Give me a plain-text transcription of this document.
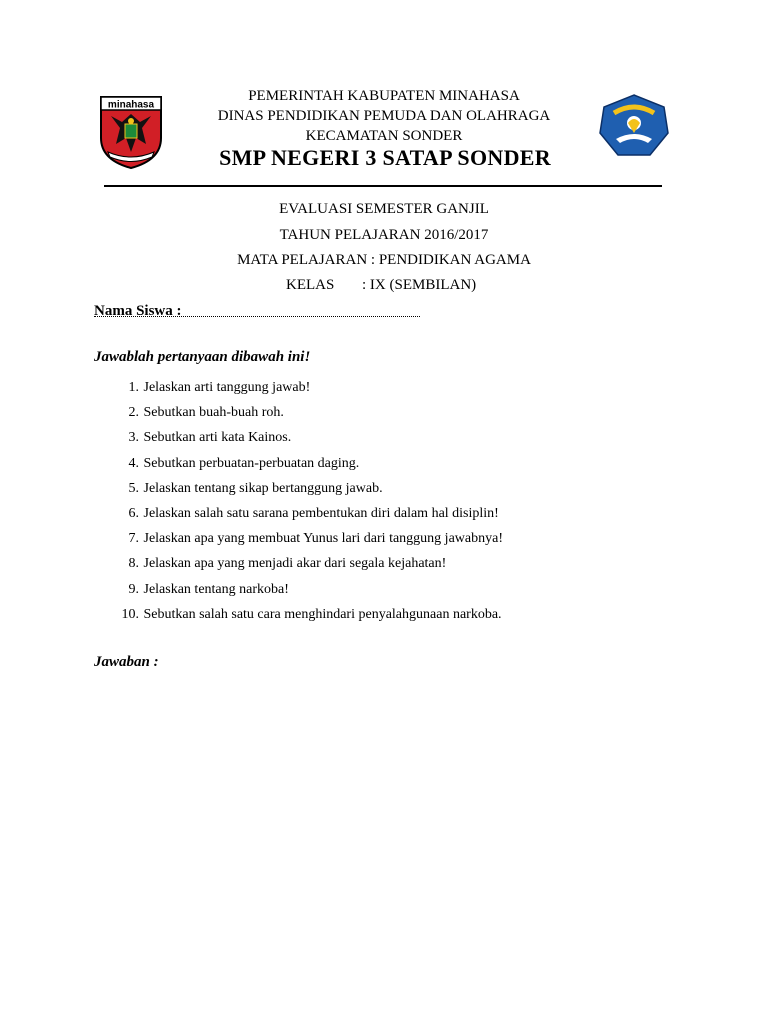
minahasa
PEMERINTAH KABUPATEN MINAHASA
DINAS PENDIDIKAN PEMUDA DAN OLAHRAGA
KECAMATAN SONDER
SMP NEGERI 3 SATAP SONDER
EVALUASI SEMESTER GANJIL
TAHUN PELAJARAN 2016/2017
MATA PELAJARAN : PENDIDIKAN AGAMA
KELAS : IX (SEMBILAN)
Nama Siswa :
Jawablah pertanyaan dibawah ini!
1. Jelaskan arti tanggung jawab!
2. Sebutkan buah-buah roh.
3. Sebutkan arti kata Kainos.
4. Sebutkan perbuatan-perbuatan daging.
5. Jelaskan tentang sikap bertanggung jawab.
6. Jelaskan salah satu sarana pembentukan diri dalam hal disiplin!
7. Jelaskan apa yang membuat Yunus lari dari tanggung jawabnya!
8. Jelaskan apa yang menjadi akar dari segala kejahatan!
9. Jelaskan tentang narkoba!
10. Sebutkan salah satu cara menghindari penyalahgunaan narkoba.
Jawaban :
